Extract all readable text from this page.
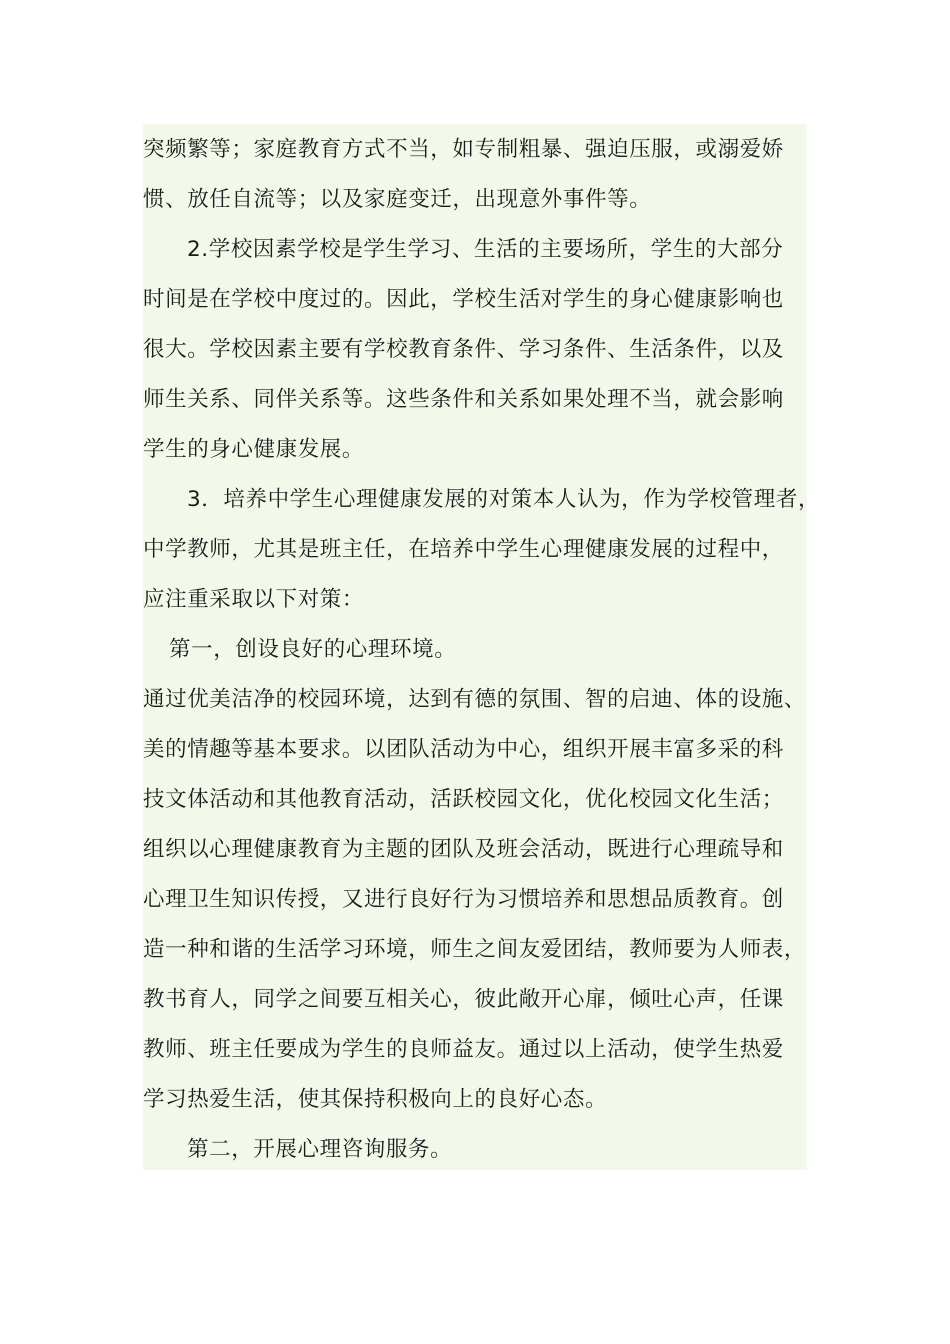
突频繁等；家庭教育方式不当，如专制粗暴、强迫压服，或溺爱娇
惯、放任自流等；以及家庭变迁，出现意外事件等。
2.学校因素学校是学生学习、生活的主要场所，学生的大部分
时间是在学校中度过的。因此，学校生活对学生的身心健康影响也
很大。学校因素主要有学校教育条件、学习条件、生活条件，以及
师生关系、同伴关系等。这些条件和关系如果处理不当，就会影响
学生的身心健康发展。
3．培养中学生心理健康发展的对策本人认为，作为学校管理者，
中学教师，尤其是班主任，在培养中学生心理健康发展的过程中，
应注重采取以下对策：
第一，创设良好的心理环境。
通过优美洁净的校园环境，达到有德的氛围、智的启迪、体的设施、
美的情趣等基本要求。以团队活动为中心，组织开展丰富多采的科
技文体活动和其他教育活动，活跃校园文化，优化校园文化生活；
组织以心理健康教育为主题的团队及班会活动，既进行心理疏导和
心理卫生知识传授，又进行良好行为习惯培养和思想品质教育。创
造一种和谐的生活学习环境，师生之间友爱团结，教师要为人师表，
教书育人，同学之间要互相关心，彼此敞开心扉，倾吐心声，任课
教师、班主任要成为学生的良师益友。通过以上活动，使学生热爱
学习热爱生活，使其保持积极向上的良好心态。
第二，开展心理咨询服务。
